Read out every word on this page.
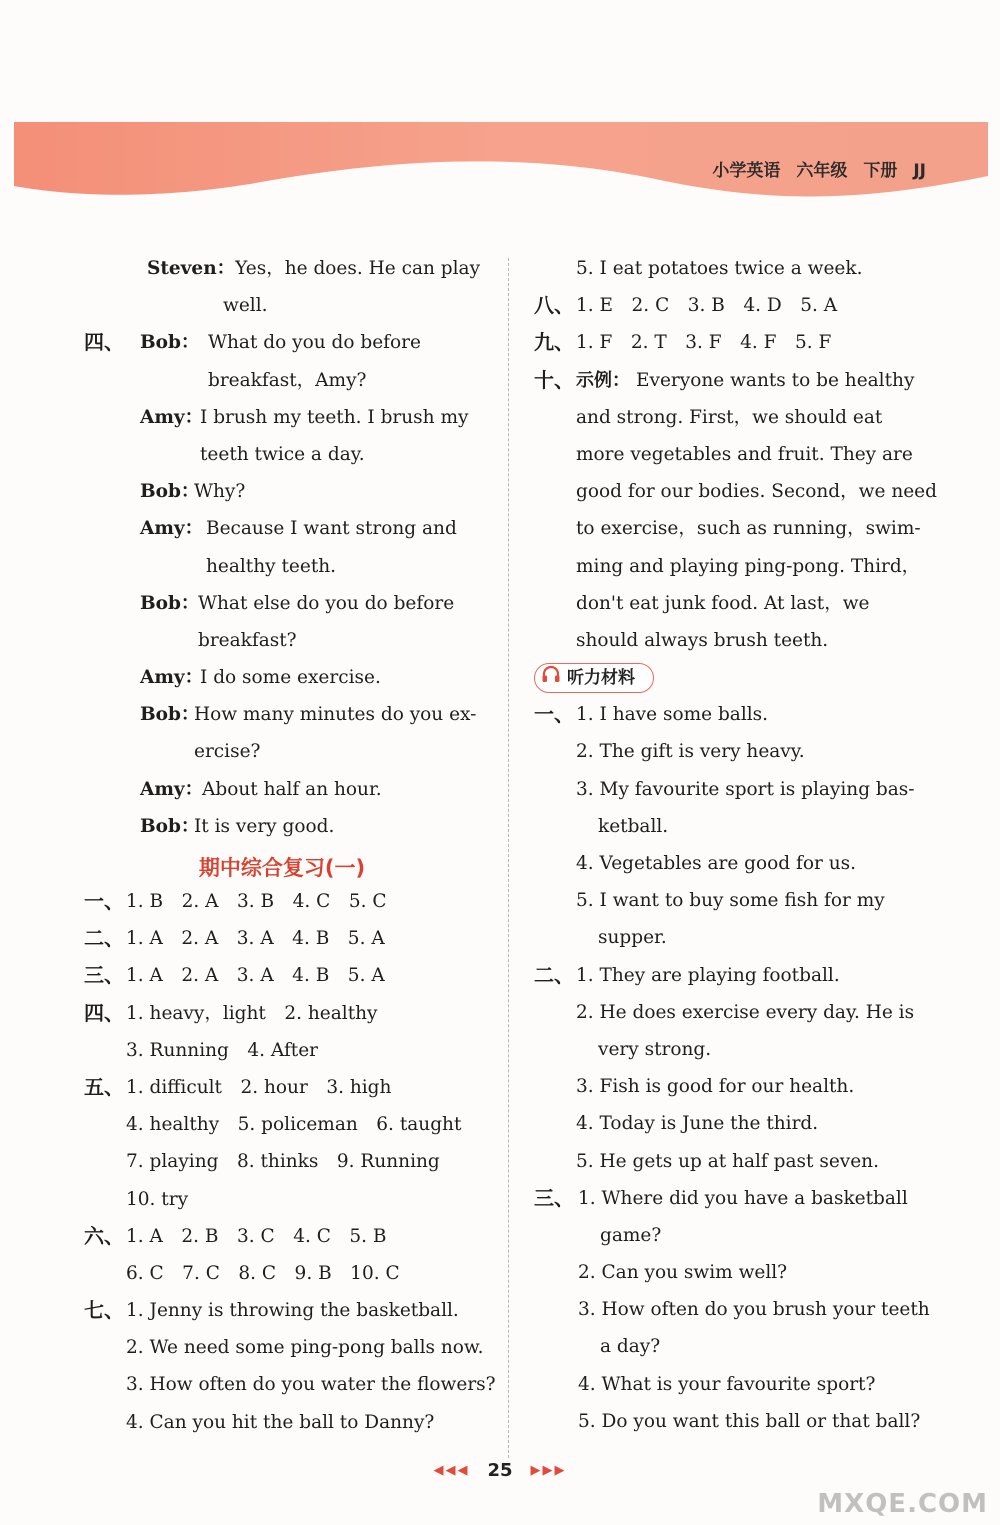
小学英语 六年级 下册 JJ
Steven：Yes，he does. He can play
well.
四、 Bob： What do you do before
breakfast，Amy?
Amy：
I brush my teeth. I brush my
teeth twice a day.
Bob：
Why?
Amy： Because I want strong and
healthy teeth.
Bob：
What else do you do before
breakfast?
Amy：
I do some exercise.
Bob：
How many minutes do you ex-
ercise?
Amy：
About half an hour.
Bob：
It is very good.
期中综合复习(一)
一、 1. B　2. A　3. B　4. C　5. C
二、 1. A　2. A　3. A　4. B　5. A
三、 1. A　2. A　3. A　4. B　5. A
四、 1. heavy，light　2. healthy
3. Running　4. After
五、 1. difficult　2. hour　3. high
4. healthy　5. policeman　6. taught
7. playing　8. thinks　9. Running
10. try
六、 1. A　2. B　3. C　4. C　5. B
6. C　7. C　8. C　9. B　10. C
七、 1. Jenny is throwing the basketball.
2. We need some ping-pong balls now.
3. How often do you water the flowers?
4. Can you hit the ball to Danny?
5. I eat potatoes twice a week.
八、 1. E　2. C　3. B　4. D　5. A
九、 1. F　2. T　3. F　4. F　5. F
十、 示例： Everyone wants to be healthy
and strong. First，we should eat
more vegetables and fruit. They are
good for our bodies. Second，we need
to exercise，such as running，swim-
ming and playing ping-pong. Third，
don't eat junk food. At last，we
should always brush teeth.
听力材料
一、 1. I have some balls.
2. The gift is very heavy.
3. My favourite sport is playing bas-
ketball.
4. Vegetables are good for us.
5. I want to buy some fish for my
supper.
二、 1. They are playing football.
2. He does exercise every day. He is
very strong.
3. Fish is good for our health.
4. Today is June the third.
5. He gets up at half past seven.
三、 1. Where did you have a basketball
game?
2. Can you swim well?
3. How often do you brush your teeth
a day?
4. What is your favourite sport?
5. Do you want this ball or that ball?
◀◀◀ 25 ▶▶▶
MXQE.COM
